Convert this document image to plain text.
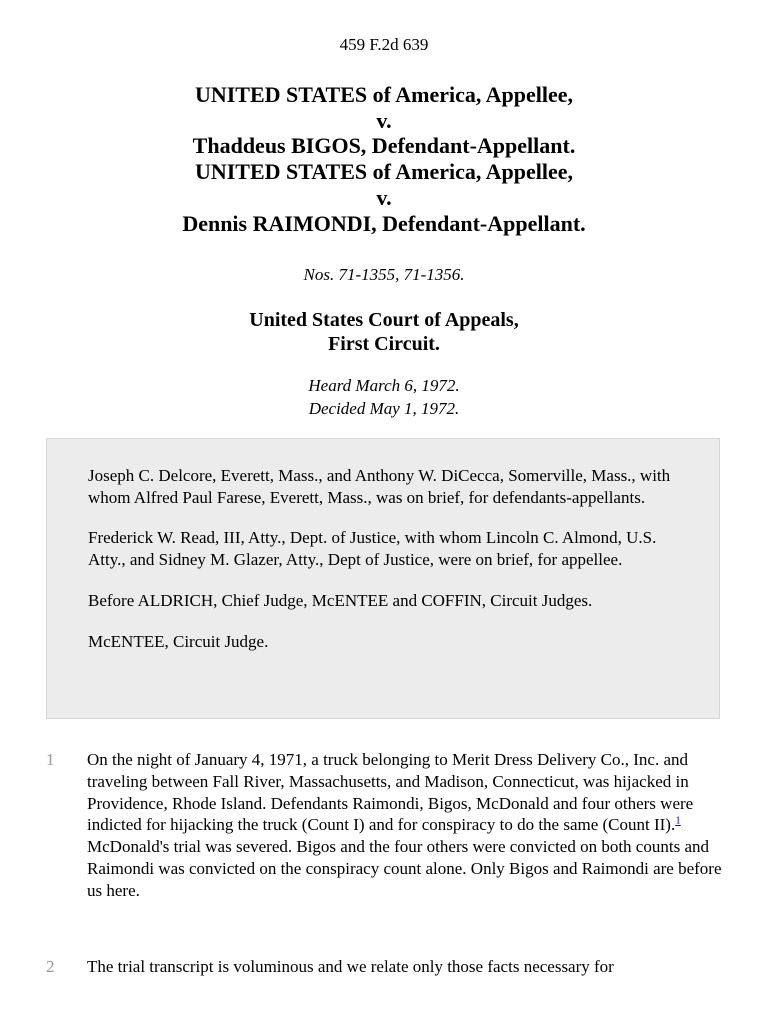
459 F.2d 639
UNITED STATES of America, Appellee,
v.
Thaddeus BIGOS, Defendant-Appellant.
UNITED STATES of America, Appellee,
v.
Dennis RAIMONDI, Defendant-Appellant.
Nos. 71-1355, 71-1356.
United States Court of Appeals,
First Circuit.
Heard March 6, 1972.
Decided May 1, 1972.

Joseph C. Delcore, Everett, Mass., and Anthony W. DiCecca, Somerville, Mass., with whom Alfred Paul Farese, Everett, Mass., was on brief, for defendants-appellants.

Frederick W. Read, III, Atty., Dept. of Justice, with whom Lincoln C. Almond, U.S. Atty., and Sidney M. Glazer, Atty., Dept of Justice, were on brief, for appellee.

Before ALDRICH, Chief Judge, McENTEE and COFFIN, Circuit Judges.

McENTEE, Circuit Judge.

1 On the night of January 4, 1971, a truck belonging to Merit Dress Delivery Co., Inc. and traveling between Fall River, Massachusetts, and Madison, Connecticut, was hijacked in Providence, Rhode Island. Defendants Raimondi, Bigos, McDonald and four others were indicted for hijacking the truck (Count I) and for conspiracy to do the same (Count II).$^1$ McDonald's trial was severed. Bigos and the four others were convicted on both counts and Raimondi was convicted on the conspiracy count alone. Only Bigos and Raimondi are before us here.

2 The trial transcript is voluminous and we relate only those facts necessary for
